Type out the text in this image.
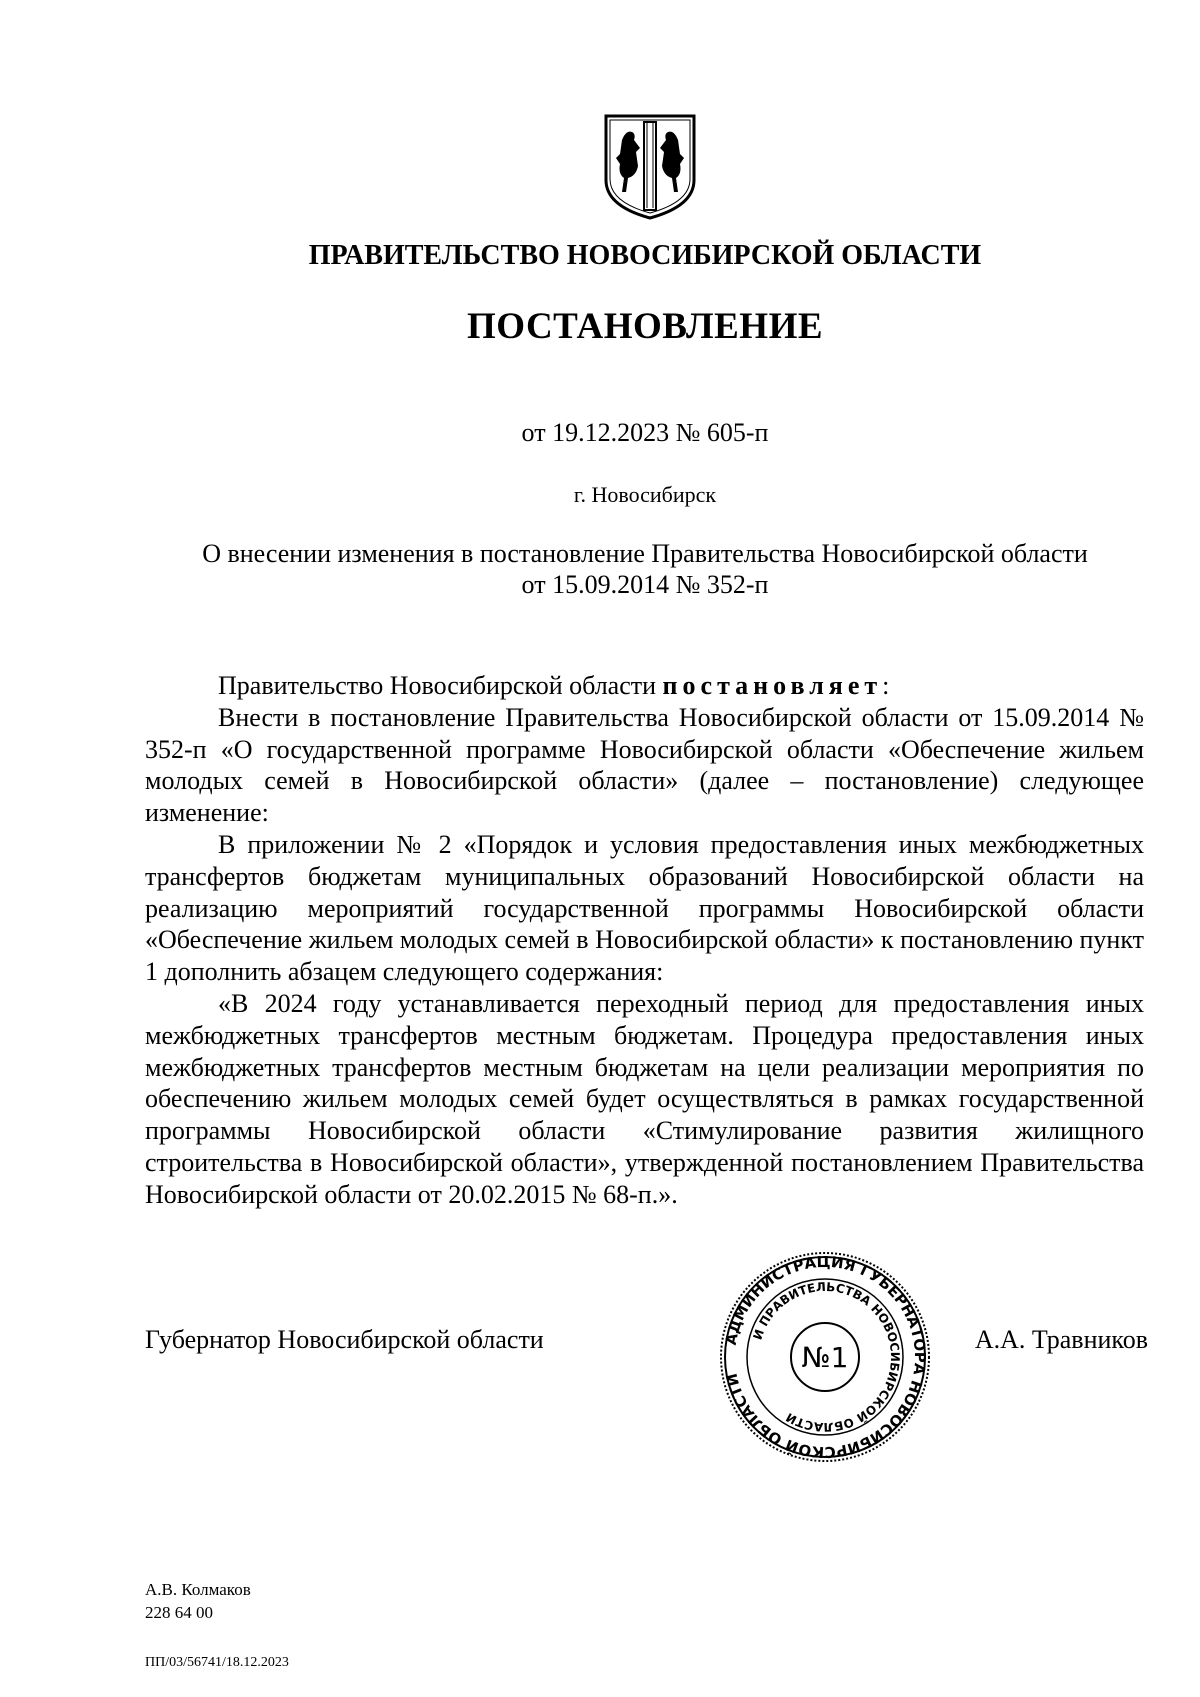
ПРАВИТЕЛЬСТВО НОВОСИБИРСКОЙ ОБЛАСТИ
ПОСТАНОВЛЕНИЕ
от 19.12.2023 № 605-п
г. Новосибирск
О внесении изменения в постановление Правительства Новосибирской области
от 15.09.2014 № 352-п

Правительство Новосибирской области постановляет:

Внести в постановление Правительства Новосибирской области от 15.09.2014 № 352-п «О государственной программе Новосибирской области «Обеспечение жильем молодых семей в Новосибирской области» (далее – постановление) следующее изменение:

В приложении № 2 «Порядок и условия предоставления иных межбюджетных трансфертов бюджетам муниципальных образований Новосибирской области на реализацию мероприятий государственной программы Новосибирской области «Обеспечение жильем молодых семей в Новосибирской области» к постановлению пункт 1 дополнить абзацем следующего содержания:

«В 2024 году устанавливается переходный период для предоставления иных межбюджетных трансфертов местным бюджетам. Процедура предоставления иных межбюджетных трансфертов местным бюджетам на цели реализации мероприятия по обеспечению жильем молодых семей будет осуществляться в рамках государственной программы Новосибирской области «Стимулирование развития жилищного строительства в Новосибирской области», утвержденной постановлением Правительства Новосибирской области от 20.02.2015 № 68-п.».

Губернатор Новосибирской области	А.А. Травников
АДМИНИСТРАЦИЯ ГУБЕРНАТОРА НОВОСИБИРСКОЙ ОБЛАСТИ
И ПРАВИТЕЛЬСТВА НОВОСИБИРСКОЙ ОБЛАСТИ
№1
А.В. Колмаков
228 64 00
ПП/03/56741/18.12.2023
